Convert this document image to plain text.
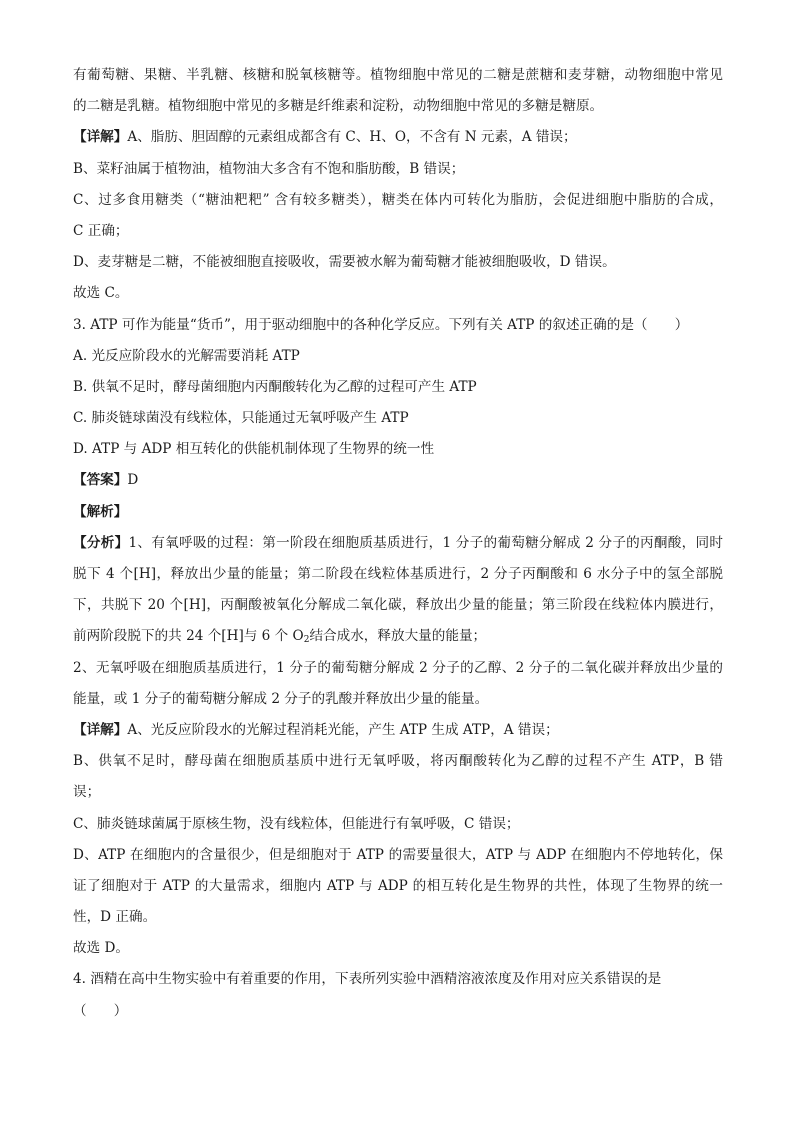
有葡萄糖、果糖、半乳糖、核糖和脱氧核糖等。植物细胞中常见的二糖是蔗糖和麦芽糖，动物细胞中常见
的二糖是乳糖。植物细胞中常见的多糖是纤维素和淀粉，动物细胞中常见的多糖是糖原。
【详解】A、脂肪、胆固醇的元素组成都含有 C、H、O，不含有 N 元素，A 错误；
B、菜籽油属于植物油，植物油大多含有不饱和脂肪酸，B 错误；
C、过多食用糖类（“糖油粑粑” 含有较多糖类），糖类在体内可转化为脂肪，会促进细胞中脂肪的合成，
C 正确；
D、麦芽糖是二糖，不能被细胞直接吸收，需要被水解为葡萄糖才能被细胞吸收，D 错误。
故选 C。
3. ATP 可作为能量“货币”，用于驱动细胞中的各种化学反应。下列有关 ATP 的叙述正确的是（　　）
A. 光反应阶段水的光解需要消耗 ATP
B. 供氧不足时，酵母菌细胞内丙酮酸转化为乙醇的过程可产生 ATP
C. 肺炎链球菌没有线粒体，只能通过无氧呼吸产生 ATP
D. ATP 与 ADP 相互转化的供能机制体现了生物界的统一性
【答案】D
【解析】
【分析】1、有氧呼吸的过程：第一阶段在细胞质基质进行，1 分子的葡萄糖分解成 2 分子的丙酮酸，同时
脱下 4 个[H]，释放出少量的能量；第二阶段在线粒体基质进行，2 分子丙酮酸和 6 水分子中的氢全部脱
下，共脱下 20 个[H]，丙酮酸被氧化分解成二氧化碳，释放出少量的能量；第三阶段在线粒体内膜进行，
前两阶段脱下的共 24 个[H]与 6 个 $O_2$结合成水，释放大量的能量；
2、无氧呼吸在细胞质基质进行，1 分子的葡萄糖分解成 2 分子的乙醇、2 分子的二氧化碳并释放出少量的
能量，或 1 分子的葡萄糖分解成 2 分子的乳酸并释放出少量的能量。
【详解】A、光反应阶段水的光解过程消耗光能，产生 ATP 生成 ATP，A 错误；
B、供氧不足时，酵母菌在细胞质基质中进行无氧呼吸，将丙酮酸转化为乙醇的过程不产生 ATP，B 错
误；
C、肺炎链球菌属于原核生物，没有线粒体，但能进行有氧呼吸，C 错误；
D、ATP 在细胞内的含量很少，但是细胞对于 ATP 的需要量很大，ATP 与 ADP 在细胞内不停地转化，保
证了细胞对于 ATP 的大量需求，细胞内 ATP 与 ADP 的相互转化是生物界的共性，体现了生物界的统一
性，D 正确。
故选 D。
4. 酒精在高中生物实验中有着重要的作用，下表所列实验中酒精溶液浓度及作用对应关系错误的是
（　　）
